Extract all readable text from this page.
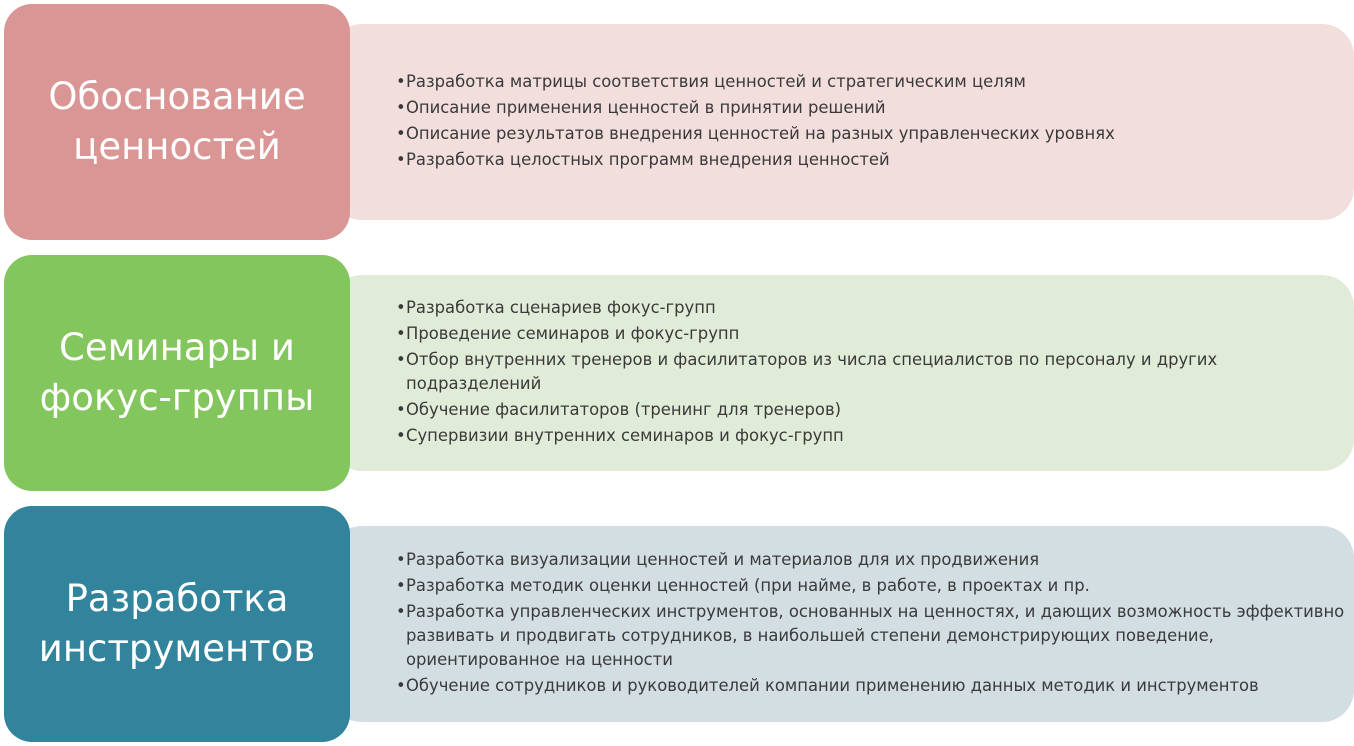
• Разработка матрицы соответствия ценностей и стратегическим целям
• Описание применения ценностей в принятии решений
• Описание результатов внедрения ценностей на разных управленческих уровнях
• Разработка целостных программ внедрения ценностей
Обоснование
ценностей
• Разработка сценариев фокус-групп
• Проведение семинаров и фокус-групп
• Отбор внутренних тренеров и фасилитаторов из числа специалистов по персоналу и других подразделений
• Обучение фасилитаторов (тренинг для тренеров)
• Супервизии внутренних семинаров и фокус-групп
Семинары и
фокус-группы
• Разработка визуализации ценностей и материалов для их продвижения
• Разработка методик оценки ценностей (при найме, в работе, в проектах и пр.
• Разработка управленческих инструментов, основанных на ценностях, и дающих возможность эффективно развивать и продвигать сотрудников, в наибольшей степени демонстрирующих поведение, ориентированное на ценности
• Обучение сотрудников и руководителей компании применению данных методик и инструментов
Разработка
инструментов
